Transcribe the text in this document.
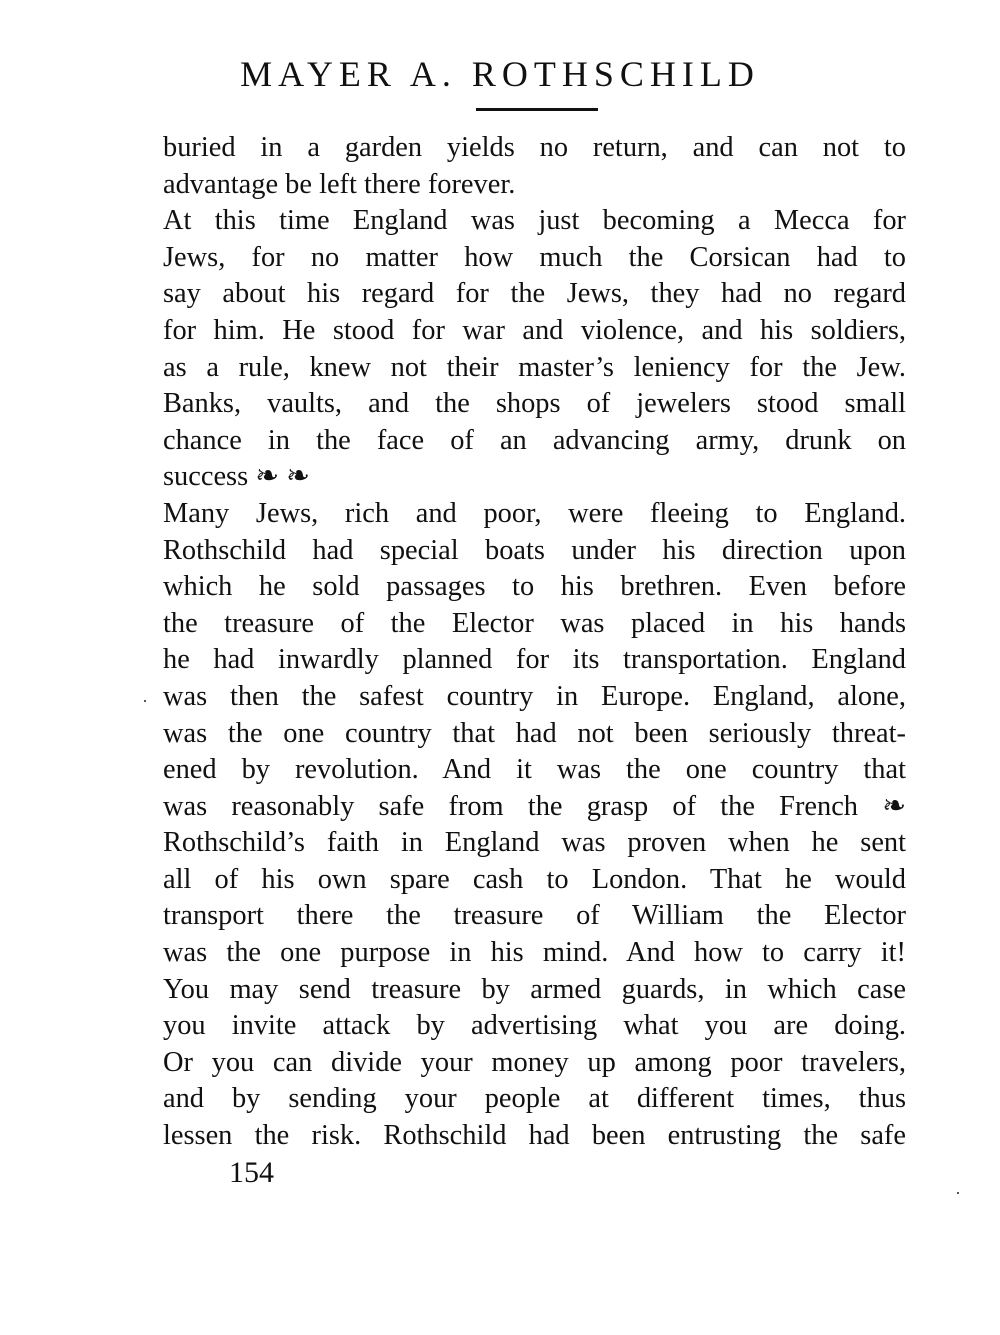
MAYER A. ROTHSCHILD
buried in a garden yields no return, and can not to
advantage be left there forever.
At this time England was just becoming a Mecca for
Jews, for no matter how much the Corsican had to
say about his regard for the Jews, they had no regard
for him. He stood for war and violence, and his soldiers,
as a rule, knew not their master’s leniency for the Jew.
Banks, vaults, and the shops of jewelers stood small
chance in the face of an advancing army, drunk on
success ❧ ❧
Many Jews, rich and poor, were fleeing to England.
Rothschild had special boats under his direction upon
which he sold passages to his brethren. Even before
the treasure of the Elector was placed in his hands
he had inwardly planned for its transportation. England
was then the safest country in Europe. England, alone,
was the one country that had not been seriously threat-
ened by revolution. And it was the one country that
was reasonably safe from the grasp of the French ❧
Rothschild’s faith in England was proven when he sent
all of his own spare cash to London. That he would
transport there the treasure of William the Elector
was the one purpose in his mind. And how to carry it!
You may send treasure by armed guards, in which case
you invite attack by advertising what you are doing.
Or you can divide your money up among poor travelers,
and by sending your people at different times, thus
lessen the risk. Rothschild had been entrusting the safe
154
